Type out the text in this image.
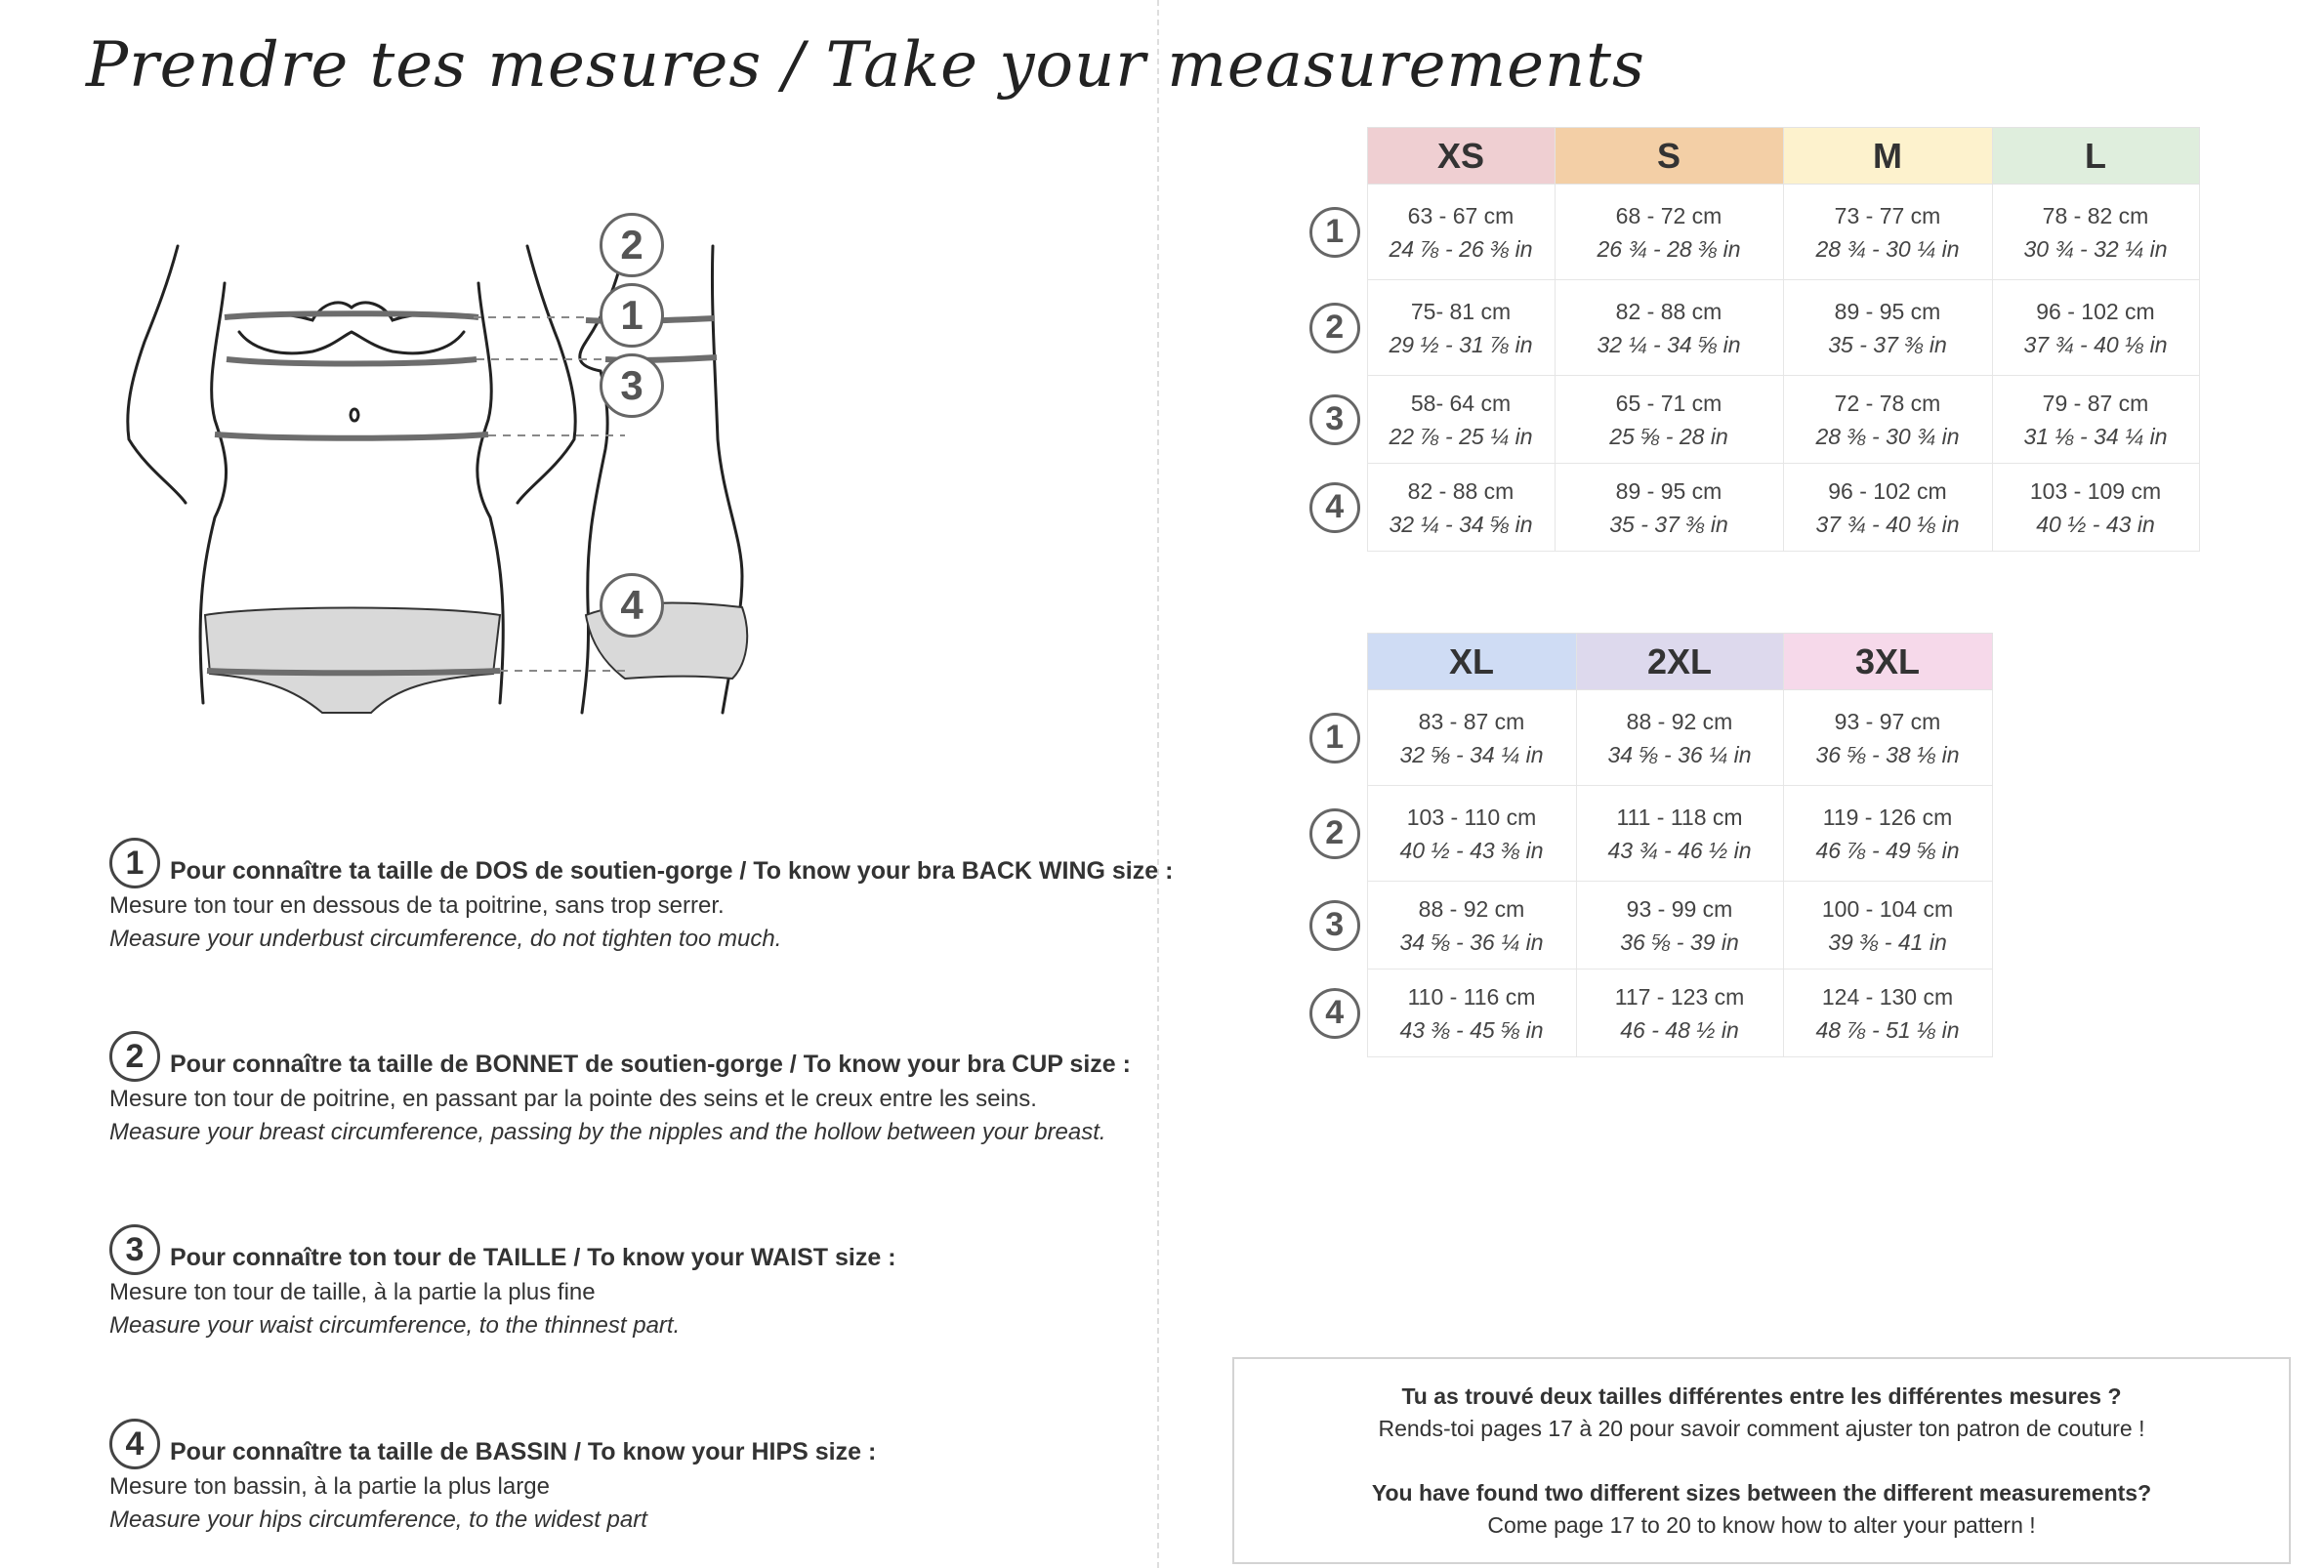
Prendre tes mesures / Take your measurements
2
1
3
4
1	Pour connaître ta taille de DOS de soutien-gorge / To know your bra BACK WING size :
Mesure ton tour en dessous de ta poitrine, sans trop serrer.
Measure your underbust circumference, do not tighten too much.
2	Pour connaître ta taille de BONNET de soutien-gorge / To know your bra CUP size :
Mesure ton tour de poitrine, en passant par la pointe des seins et le creux entre les seins.
Measure your breast circumference, passing by the nipples and the hollow between your breast.
3	Pour connaître ton tour de TAILLE / To know your WAIST size :
Mesure ton tour de taille, à la partie la plus fine
Measure your waist circumference, to the thinnest part.
4	Pour connaître ta taille de BASSIN / To know your HIPS size :
Mesure ton bassin, à la partie la plus large
Measure your hips circumference, to the widest part
	XS	S	M	L
1	63 - 67 cm
24 ⅞ - 26 ⅜ in	68 - 72 cm
26 ¾ - 28 ⅜ in	73 - 77 cm
28 ¾ - 30 ¼ in	78 - 82 cm
30 ¾ - 32 ¼ in

2	75- 81 cm
29 ½ - 31 ⅞ in	82 - 88 cm
32 ¼ - 34 ⅝ in	89 - 95 cm
35 - 37 ⅜ in	96 - 102 cm
37 ¾ - 40 ⅛ in

3	58- 64 cm
22 ⅞ - 25 ¼ in	65 - 71 cm
25 ⅝ - 28 in	72 - 78 cm
28 ⅜ - 30 ¾ in	79 - 87 cm
31 ⅛ - 34 ¼ in

4	82 - 88 cm
32 ¼ - 34 ⅝ in	89 - 95 cm
35 - 37 ⅜ in	96 - 102 cm
37 ¾ - 40 ⅛ in	103 - 109 cm
40 ½ - 43 in
	XL	2XL	3XL
1	83 - 87 cm
32 ⅝ - 34 ¼ in	88 - 92 cm
34 ⅝ - 36 ¼ in	93 - 97 cm
36 ⅝ - 38 ⅛ in

2	103 - 110 cm
40 ½ - 43 ⅜ in	111 - 118 cm
43 ¾ - 46 ½ in	119 - 126 cm
46 ⅞ - 49 ⅝ in

3	88 - 92 cm
34 ⅝ - 36 ¼ in	93 - 99 cm
36 ⅝ - 39 in	100 - 104 cm
39 ⅜ - 41 in

4	110 - 116 cm
43 ⅜ - 45 ⅝ in	117 - 123 cm
46 - 48 ½ in	124 - 130 cm
48 ⅞ - 51 ⅛ in
Tu as trouvé deux tailles différentes entre les différentes mesures ?
Rends-toi pages 17 à 20 pour savoir comment ajuster ton patron de couture !
You have found two different sizes between the different measurements?
Come page 17 to 20 to know how to alter your pattern !
